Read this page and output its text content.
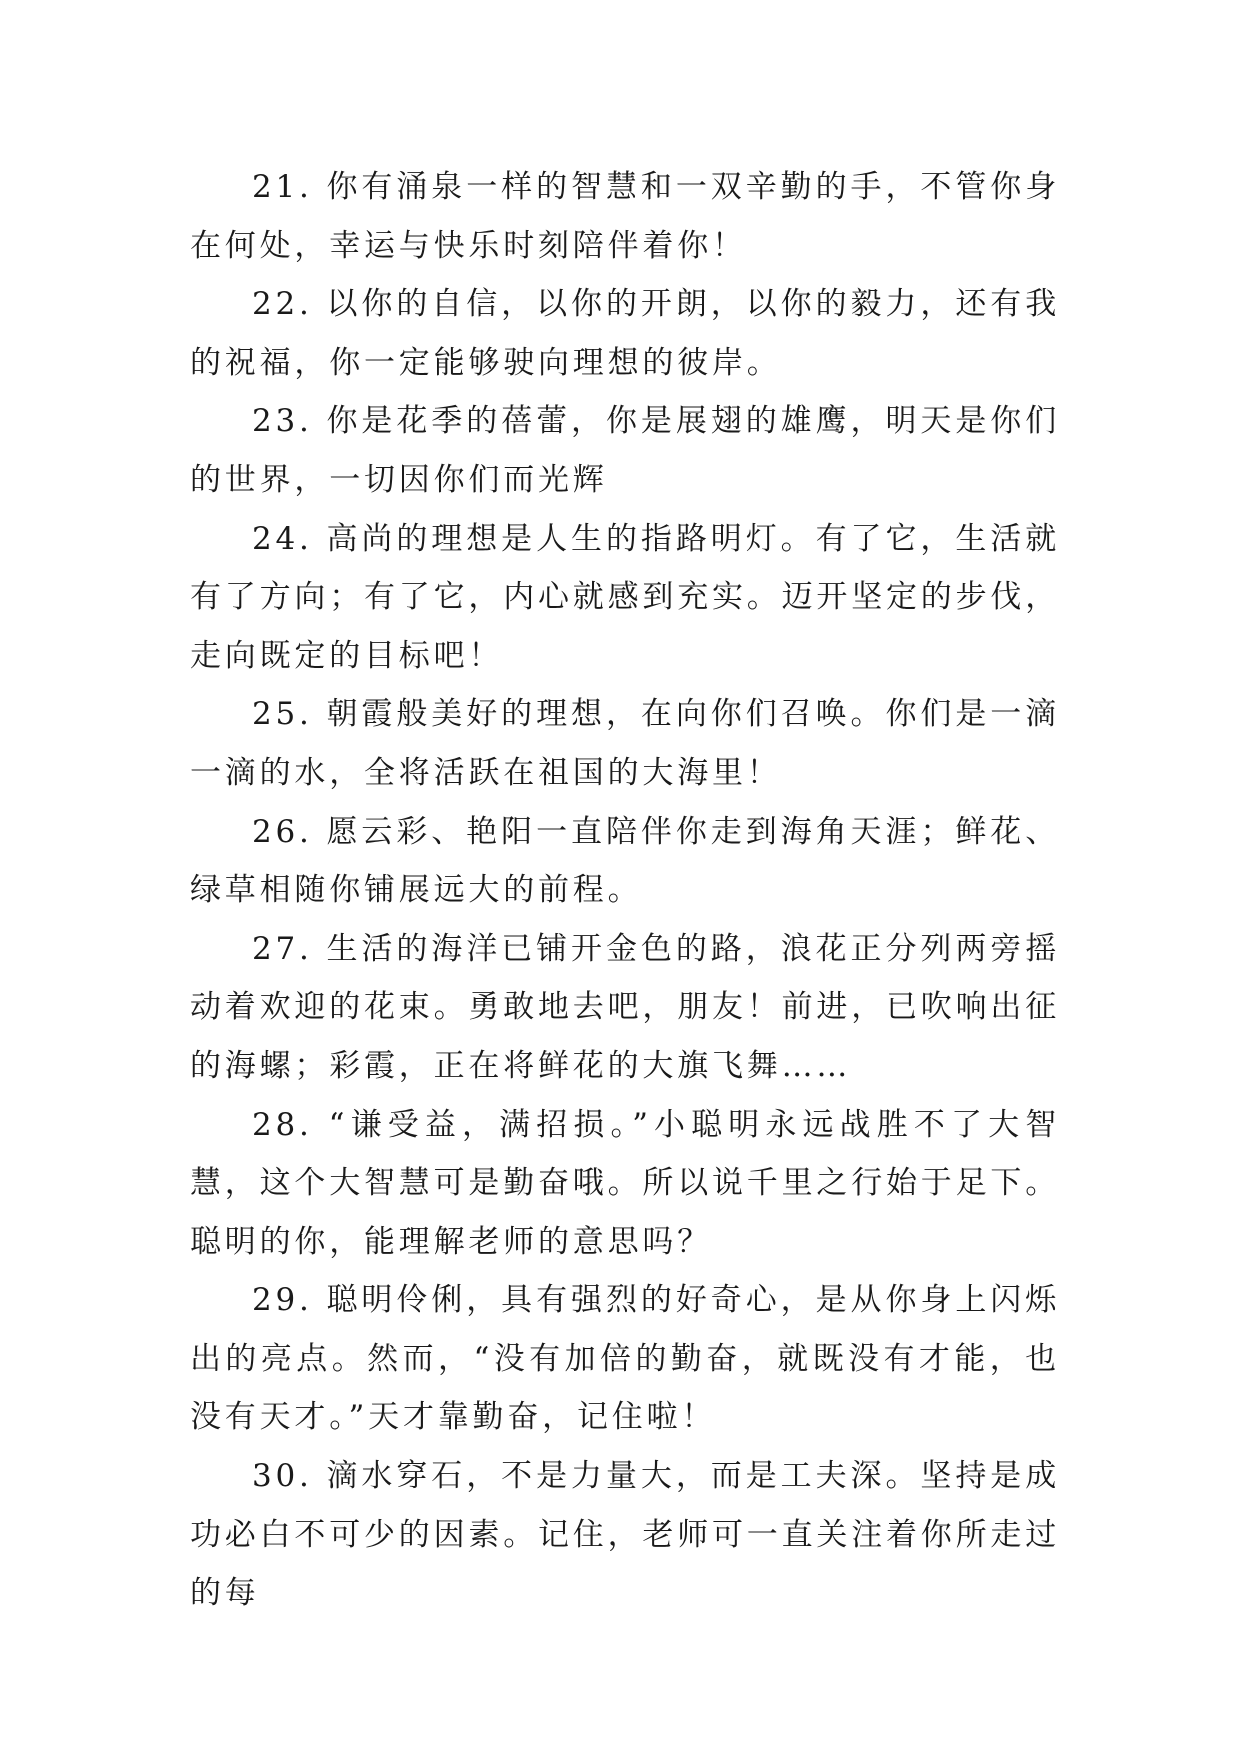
21. 你有涌泉一样的智慧和一双辛勤的手，不管你身在何处，幸运与快乐时刻陪伴着你！

22. 以你的自信，以你的开朗，以你的毅力，还有我的祝福，你一定能够驶向理想的彼岸。

23. 你是花季的蓓蕾，你是展翅的雄鹰，明天是你们的世界，一切因你们而光辉

24. 高尚的理想是人生的指路明灯。有了它，生活就有了方向；有了它，内心就感到充实。迈开坚定的步伐，走向既定的目标吧！

25. 朝霞般美好的理想，在向你们召唤。你们是一滴一滴的水，全将活跃在祖国的大海里！

26. 愿云彩、艳阳一直陪伴你走到海角天涯；鲜花、绿草相随你铺展远大的前程。

27. 生活的海洋已铺开金色的路，浪花正分列两旁摇动着欢迎的花束。勇敢地去吧，朋友！前进，已吹响出征的海螺；彩霞，正在将鲜花的大旗飞舞……

28. “谦受益，满招损。”小聪明永远战胜不了大智慧，这个大智慧可是勤奋哦。所以说千里之行始于足下。聪明的你，能理解老师的意思吗？

29. 聪明伶俐，具有强烈的好奇心，是从你身上闪烁出的亮点。然而，“没有加倍的勤奋，就既没有才能，也没有天才。”天才靠勤奋，记住啦！

30. 滴水穿石，不是力量大，而是工夫深。坚持是成功必白不可少的因素。记住，老师可一直关注着你所走过的每
